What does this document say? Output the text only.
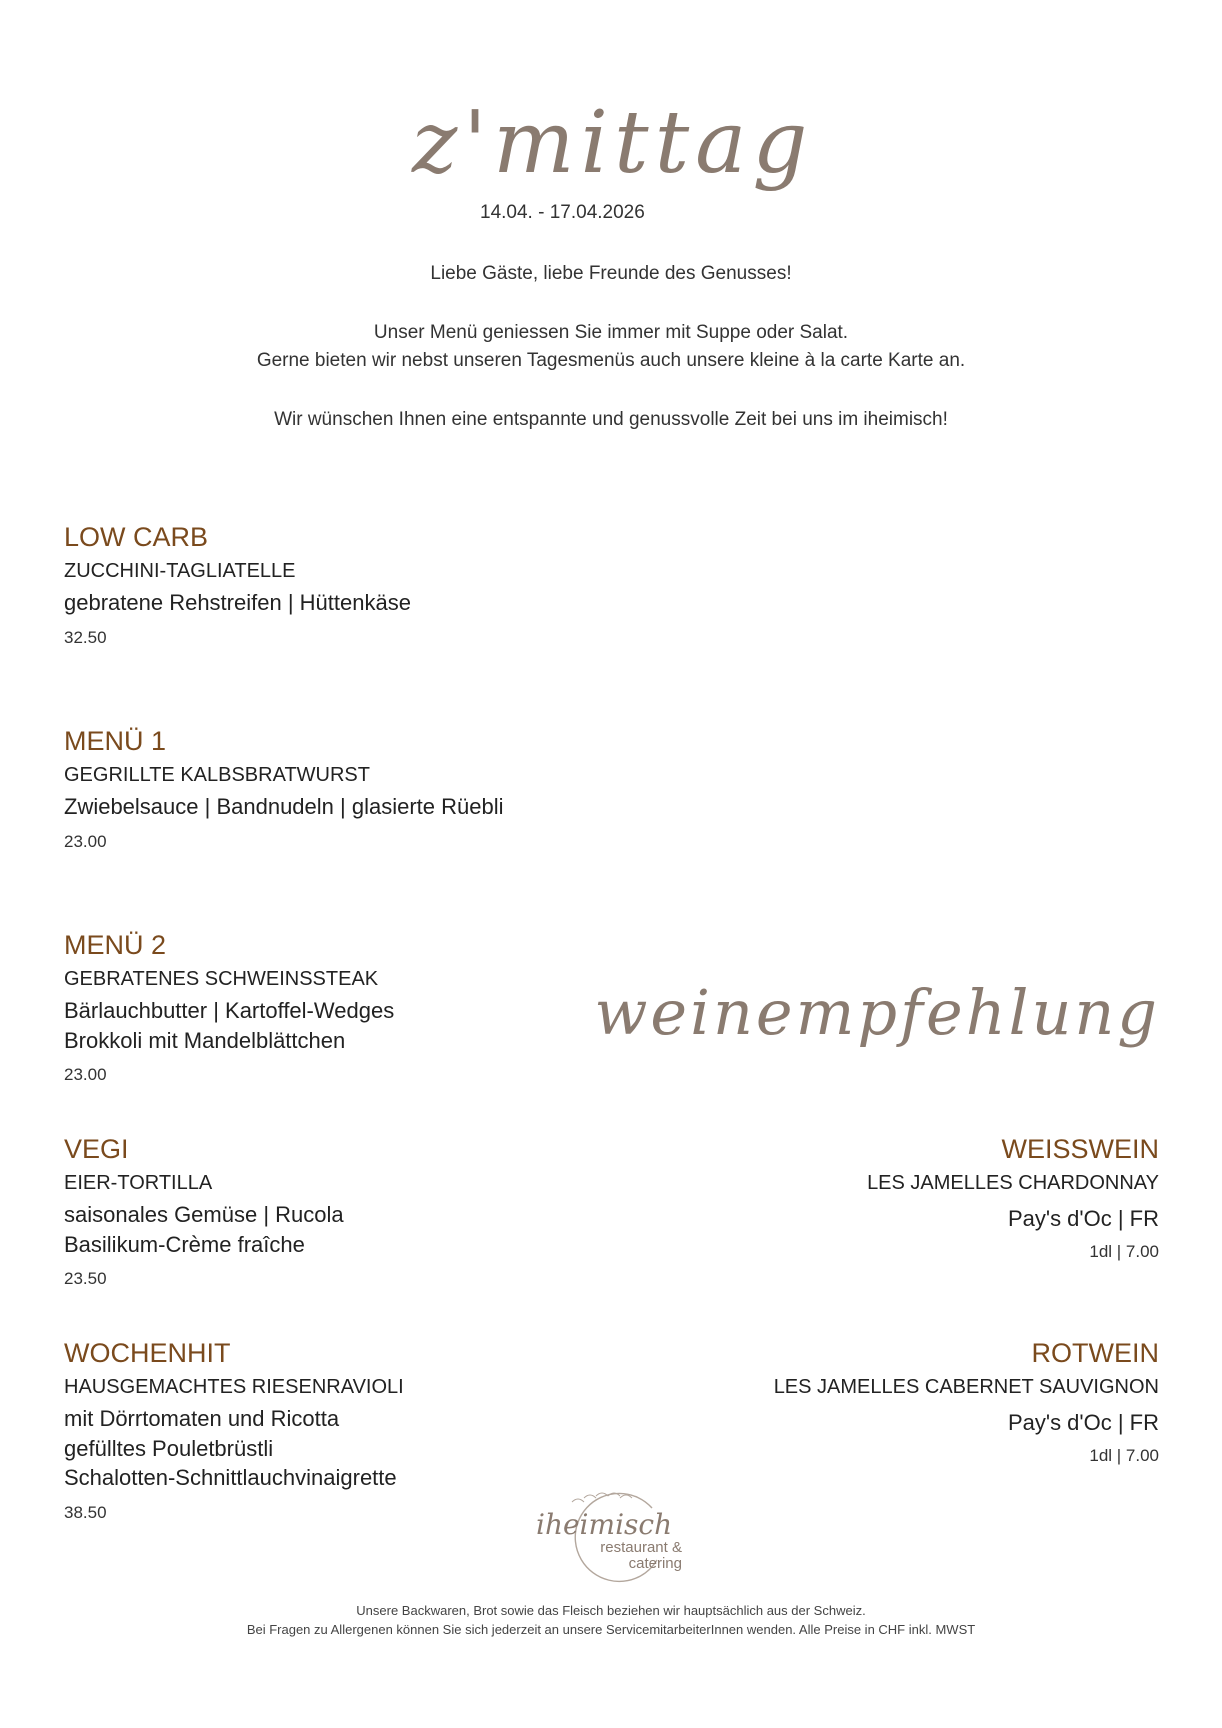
z'mittag
14.04. - 17.04.2026
Liebe Gäste, liebe Freunde des Genusses!
Unser Menü geniessen Sie immer mit Suppe oder Salat.
Gerne bieten wir nebst unseren Tagesmenüs auch unsere kleine à la carte Karte an.
Wir wünschen Ihnen eine entspannte und genussvolle Zeit bei uns im iheimisch!
LOW CARB
ZUCCHINI-TAGLIATELLE
gebratene Rehstreifen | Hüttenkäse
32.50
MENÜ 1
GEGRILLTE KALBSBRATWURST
Zwiebelsauce | Bandnudeln | glasierte Rüebli
23.00
MENÜ 2
GEBRATENES SCHWEINSSTEAK
Bärlauchbutter | Kartoffel-Wedges
Brokkoli mit Mandelblättchen
23.00
VEGI
EIER-TORTILLA
saisonales Gemüse | Rucola
Basilikum-Crème fraîche
23.50
WOCHENHIT
HAUSGEMACHTES RIESENRAVIOLI
mit Dörrtomaten und Ricotta
gefülltes Pouletbrüstli
Schalotten-Schnittlauchvinaigrette
38.50
weinempfehlung
WEISSWEIN
LES JAMELLES CHARDONNAY
Pay's d'Oc | FR
1dl | 7.00
ROTWEIN
LES JAMELLES CABERNET SAUVIGNON
Pay's d'Oc | FR
1dl | 7.00
iheimisch
restaurant &
catering
Unsere Backwaren, Brot sowie das Fleisch beziehen wir hauptsächlich aus der Schweiz.
Bei Fragen zu Allergenen können Sie sich jederzeit an unsere ServicemitarbeiterInnen wenden. Alle Preise in CHF inkl. MWST
